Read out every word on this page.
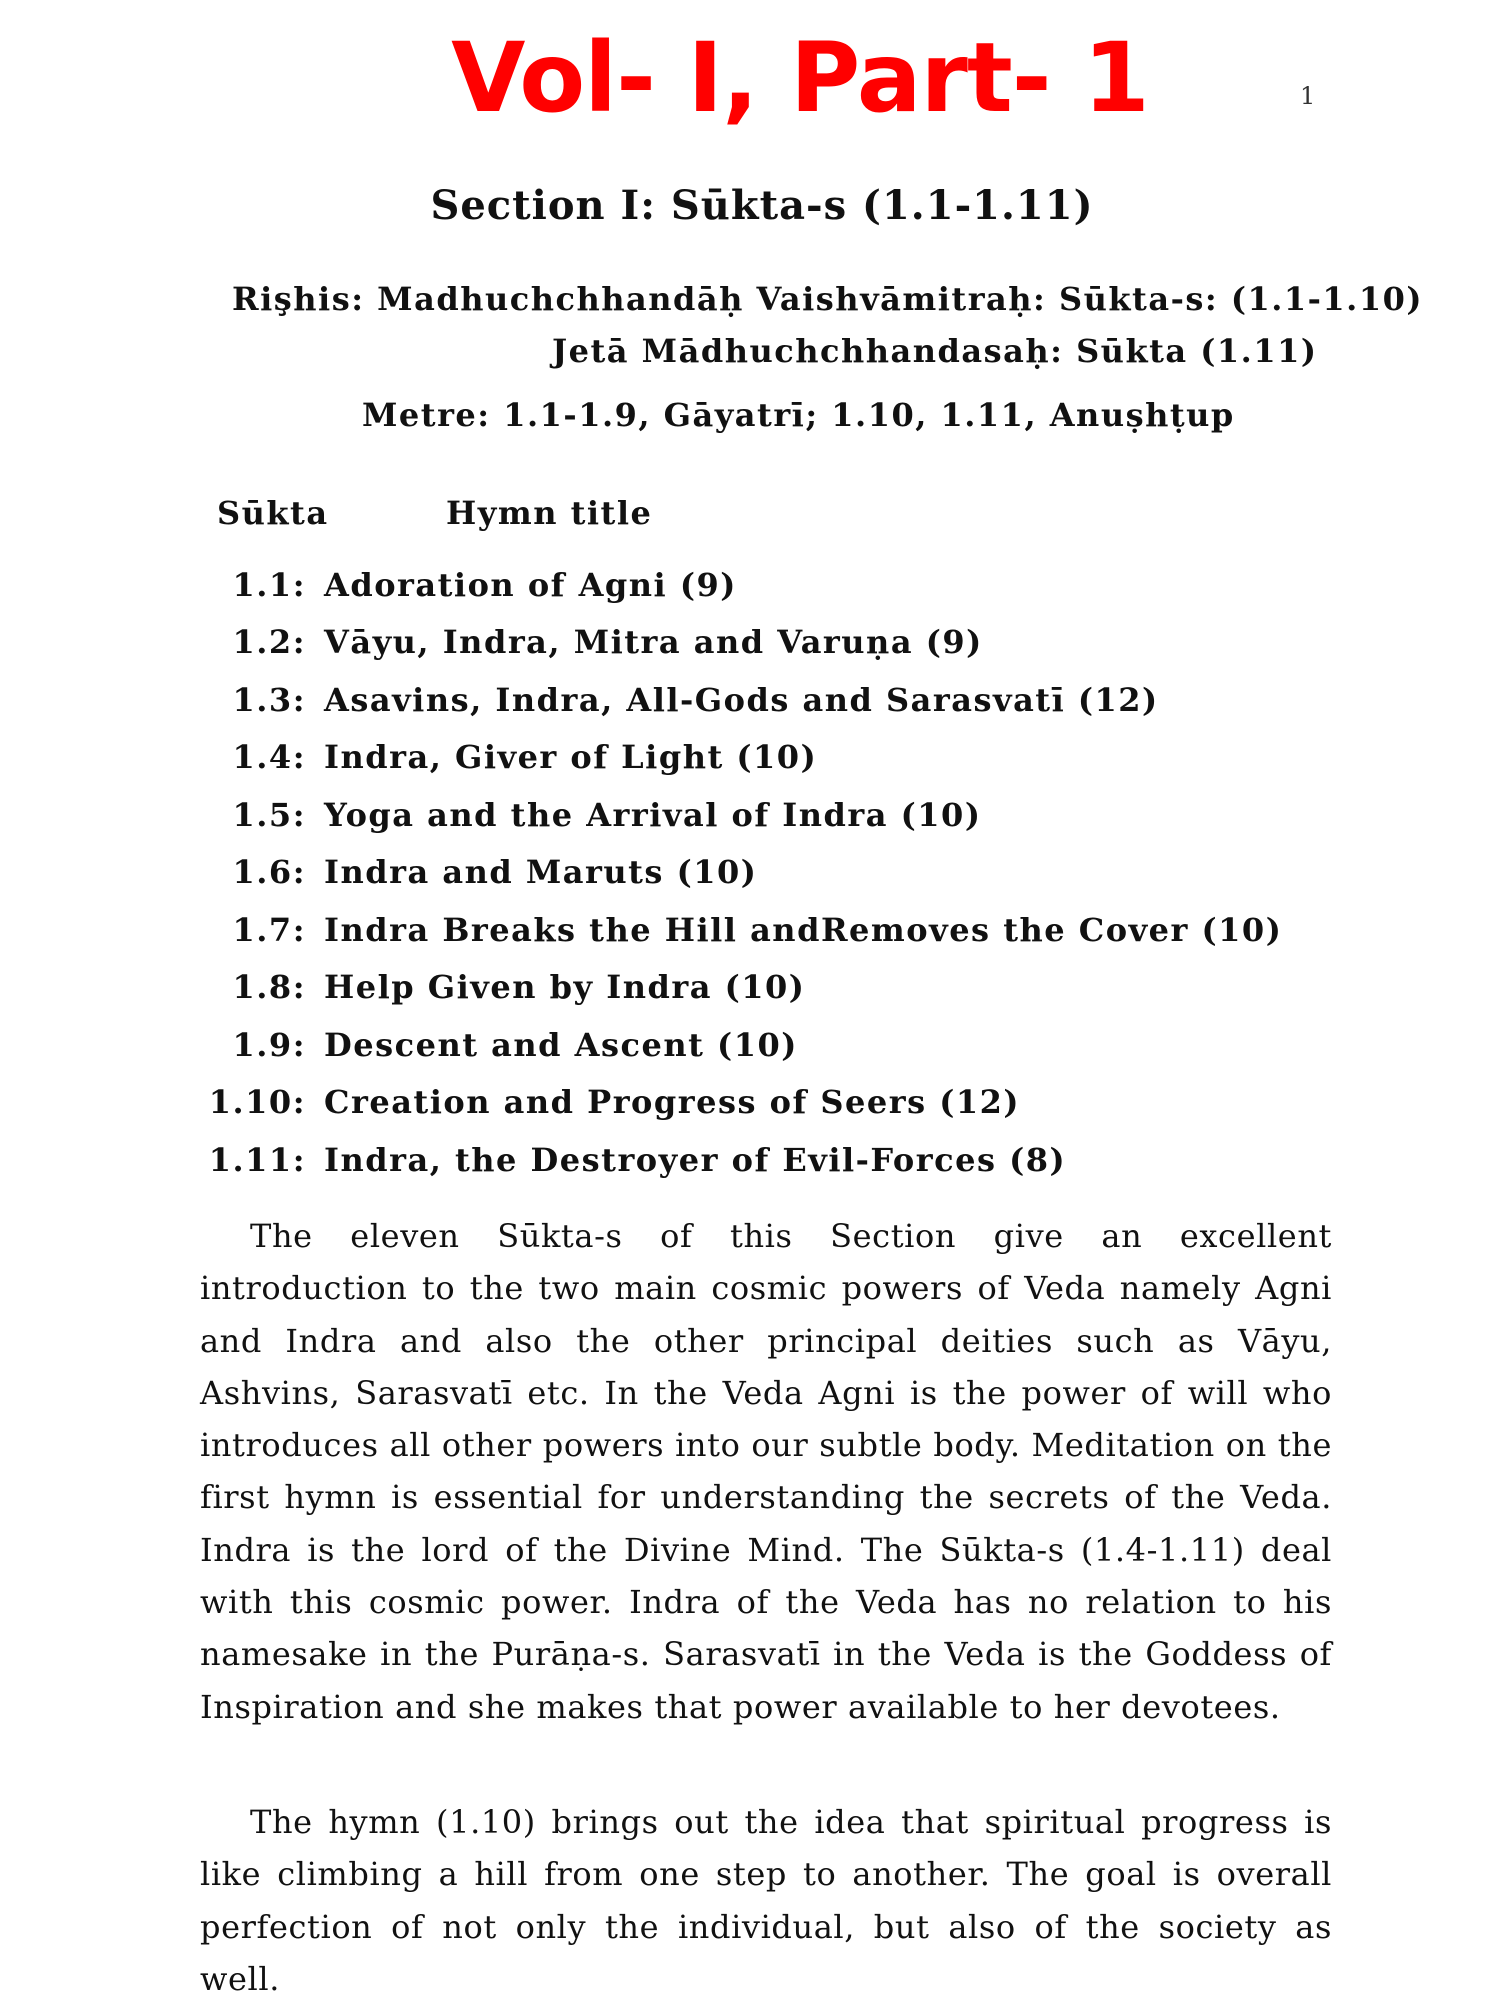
Vol- I, Part- 1	1
Section I: Sūkta-s (1.1-1.11)
Rişhis: Madhuchchhandāḥ Vaishvāmitraḥ: Sūkta-s: (1.1-1.10)
Jetā Mādhuchchhandasaḥ: Sūkta (1.11)
Metre: 1.1-1.9, Gāyatrī; 1.10, 1.11, Anuṣhṭup
Sūkta	Hymn title
1.1: Adoration of Agni (9)
1.2: Vāyu, Indra, Mitra and Varuṇa (9)
1.3: Asavins, Indra, All-Gods and Sarasvatī (12)
1.4: Indra, Giver of Light (10)
1.5: Yoga and the Arrival of Indra (10)
1.6: Indra and Maruts (10)
1.7: Indra Breaks the Hill andRemoves the Cover (10)
1.8: Help Given by Indra (10)
1.9: Descent and Ascent (10)
1.10: Creation and Progress of Seers (12)
1.11: Indra, the Destroyer of Evil-Forces (8)

The eleven Sūkta-s of this Section give an excellent introduction to the two main cosmic powers of Veda namely Agni and Indra and also the other principal deities such as Vāyu, Ashvins, Sarasvatī etc. In the Veda Agni is the power of will who introduces all other powers into our subtle body. Meditation on the first hymn is essential for understanding the secrets of the Veda. Indra is the lord of the Divine Mind. The Sūkta-s (1.4-1.11) deal with this cosmic power. Indra of the Veda has no relation to his namesake in the Purāṇa-s. Sarasvatī in the Veda is the Goddess of Inspiration and she makes that power available to her devotees.

The hymn (1.10) brings out the idea that spiritual progress is like climbing a hill from one step to another. The goal is overall perfection of not only the individual, but also of the society as well.
